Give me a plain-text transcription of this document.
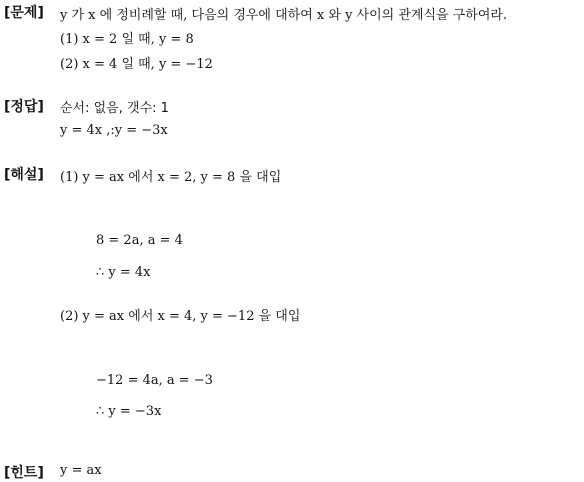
[문제] y 가 x 에 정비례할 때, 다음의 경우에 대하여 x 와 y 사이의 관계식을 구하여라.
(1) x = 2 일 때, y = 8
(2) x = 4 일 때, y = −12
[정답] 순서: 없음, 갯수: 1
y = 4x ,:y = −3x
[해설] (1) y = ax 에서 x = 2, y = 8 을 대입
8 = 2a, a = 4
∴ y = 4x
(2) y = ax 에서 x = 4, y = −12 을 대입
−12 = 4a, a = −3
∴ y = −3x
[힌트] y = ax
